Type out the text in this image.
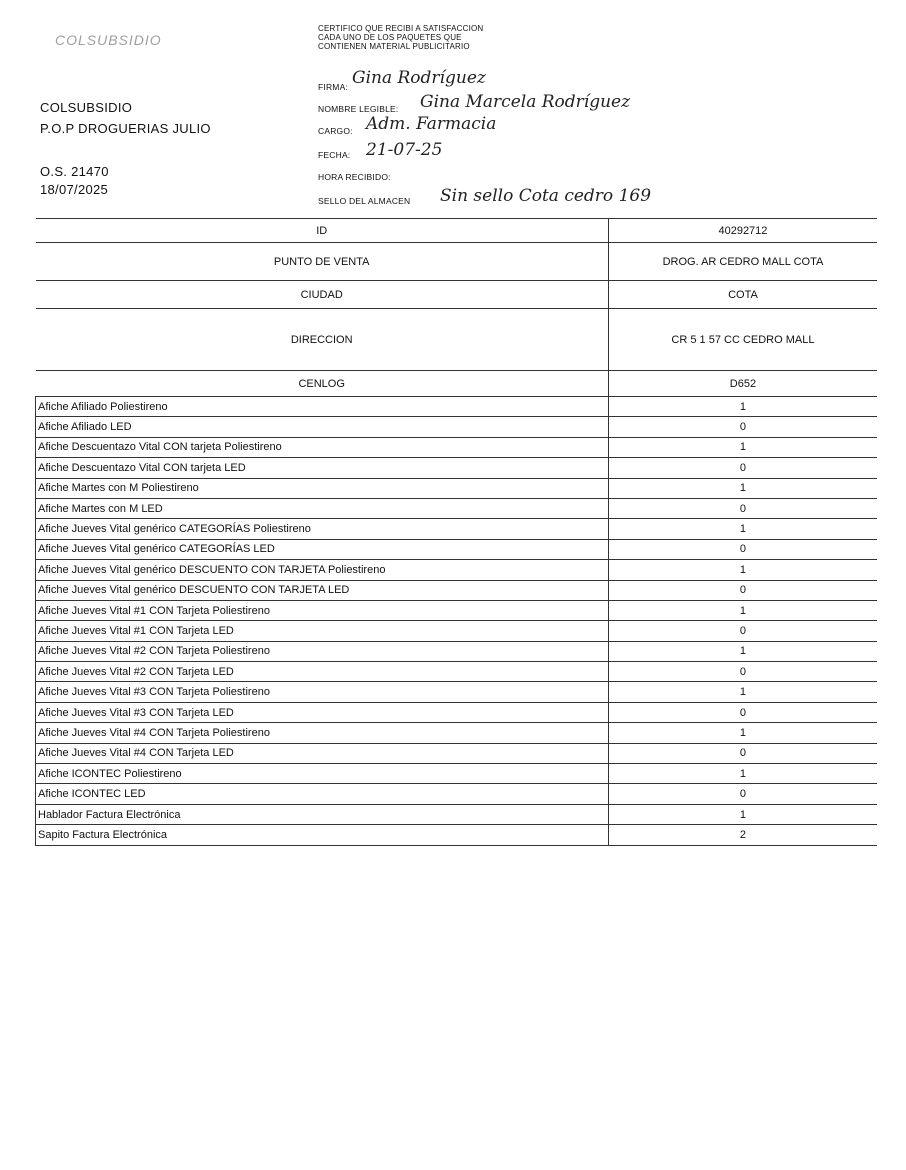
COLSUBSIDIO
COLSUBSIDIO
P.O.P DROGUERIAS JULIO
O.S. 21470
18/07/2025
CERTIFICO QUE RECIBI A SATISFACCION
CADA UNO DE LOS PAQUETES QUE
CONTIENEN MATERIAL PUBLICITARIO
FIRMA: Gina Rodríguez
NOMBRE LEGIBLE: Gina Marcela Rodríguez
CARGO: Adm. Farmacia
FECHA: 21-07-25
HORA RECIBIDO:
SELLO DEL ALMACEN Sin sello Cota cedro 169
ID	40292712
PUNTO DE VENTA	DROG. AR CEDRO MALL COTA
CIUDAD	COTA
DIRECCION	CR 5 1 57 CC CEDRO MALL
CENLOG	D652
Afiche Afiliado Poliestireno	1
Afiche Afiliado LED	0
Afiche Descuentazo Vital CON tarjeta Poliestireno	1
Afiche Descuentazo Vital CON tarjeta LED	0
Afiche Martes con M Poliestireno	1
Afiche Martes con M LED	0
Afiche Jueves Vital genérico CATEGORÍAS Poliestireno	1
Afiche Jueves Vital genérico CATEGORÍAS LED	0
Afiche Jueves Vital genérico DESCUENTO CON TARJETA Poliestireno	1
Afiche Jueves Vital genérico DESCUENTO CON TARJETA LED	0
Afiche Jueves Vital #1 CON Tarjeta Poliestireno	1
Afiche Jueves Vital #1 CON Tarjeta LED	0
Afiche Jueves Vital #2 CON Tarjeta Poliestireno	1
Afiche Jueves Vital #2 CON Tarjeta LED	0
Afiche Jueves Vital #3 CON Tarjeta Poliestireno	1
Afiche Jueves Vital #3 CON Tarjeta LED	0
Afiche Jueves Vital #4 CON Tarjeta Poliestireno	1
Afiche Jueves Vital #4 CON Tarjeta LED	0
Afiche ICONTEC Poliestireno	1
Afiche ICONTEC LED	0
Hablador Factura Electrónica	1
Sapito Factura Electrónica	2
